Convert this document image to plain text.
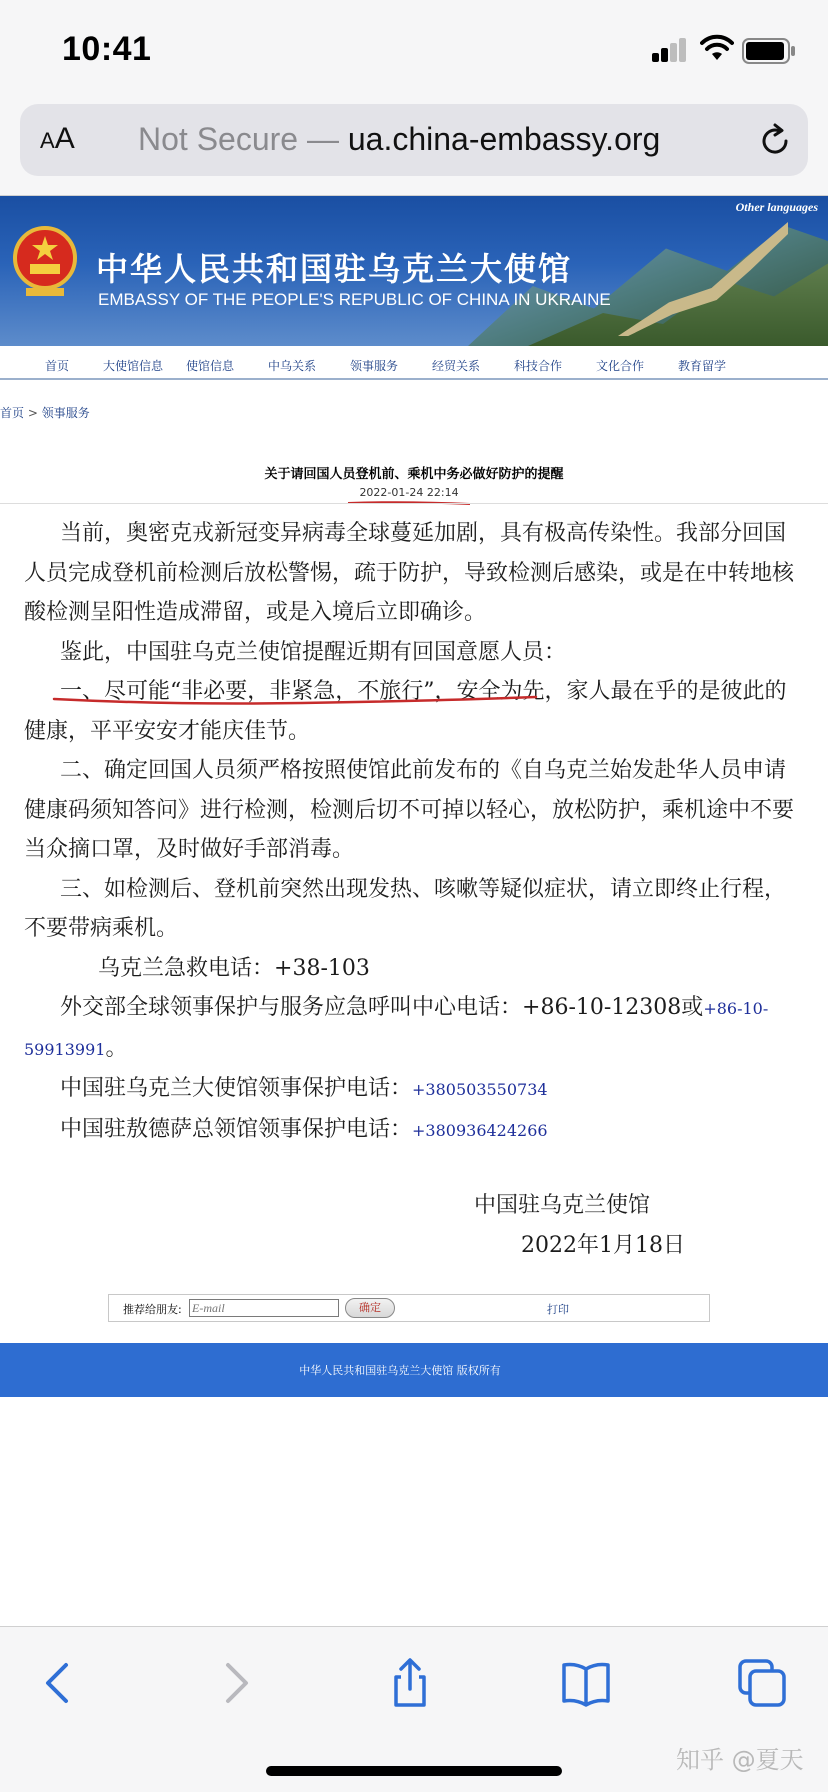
10:41
AA Not Secure — ua.china-embassy.org
中华人民共和国驻乌克兰大使馆
EMBASSY OF THE PEOPLE'S REPUBLIC OF CHINA IN UKRAINE
Other languages
首页	大使馆信息 使馆信息	中乌关系	领事服务	经贸关系	科技合作	文化合作	教育留学
首页 > 领事服务
关于请回国人员登机前、乘机中务必做好防护的提醒
2022-01-24 22:14

当前，奥密克戎新冠变异病毒全球蔓延加剧，具有极高传染性。我部分回国人员完成登机前检测后放松警惕，疏于防护，导致检测后感染，或是在中转地核酸检测呈阳性造成滞留，或是入境后立即确诊。

鉴此，中国驻乌克兰使馆提醒近期有回国意愿人员：

一、尽可能“非必要，非紧急，不旅行”，安全为先，家人最在乎的是彼此的健康，平平安安才能庆佳节。

二、确定回国人员须严格按照使馆此前发布的《自乌克兰始发赴华人员申请健康码须知答问》进行检测，检测后切不可掉以轻心，放松防护，乘机途中不要当众摘口罩，及时做好手部消毒。

三、如检测后、登机前突然出现发热、咳嗽等疑似症状，请立即终止行程，不要带病乘机。

乌克兰急救电话：+38-103

外交部全球领事保护与服务应急呼叫中心电话：+86-10-12308或+86-10-59913991。

中国驻乌克兰大使馆领事保护电话：+380503550734

中国驻敖德萨总领馆领事保护电话：+380936424266

中国驻乌克兰使馆
2022年1月18日
推荐给朋友:
E-mail	确定	打印
中华人民共和国驻乌克兰大使馆 版权所有
知乎 @夏天
